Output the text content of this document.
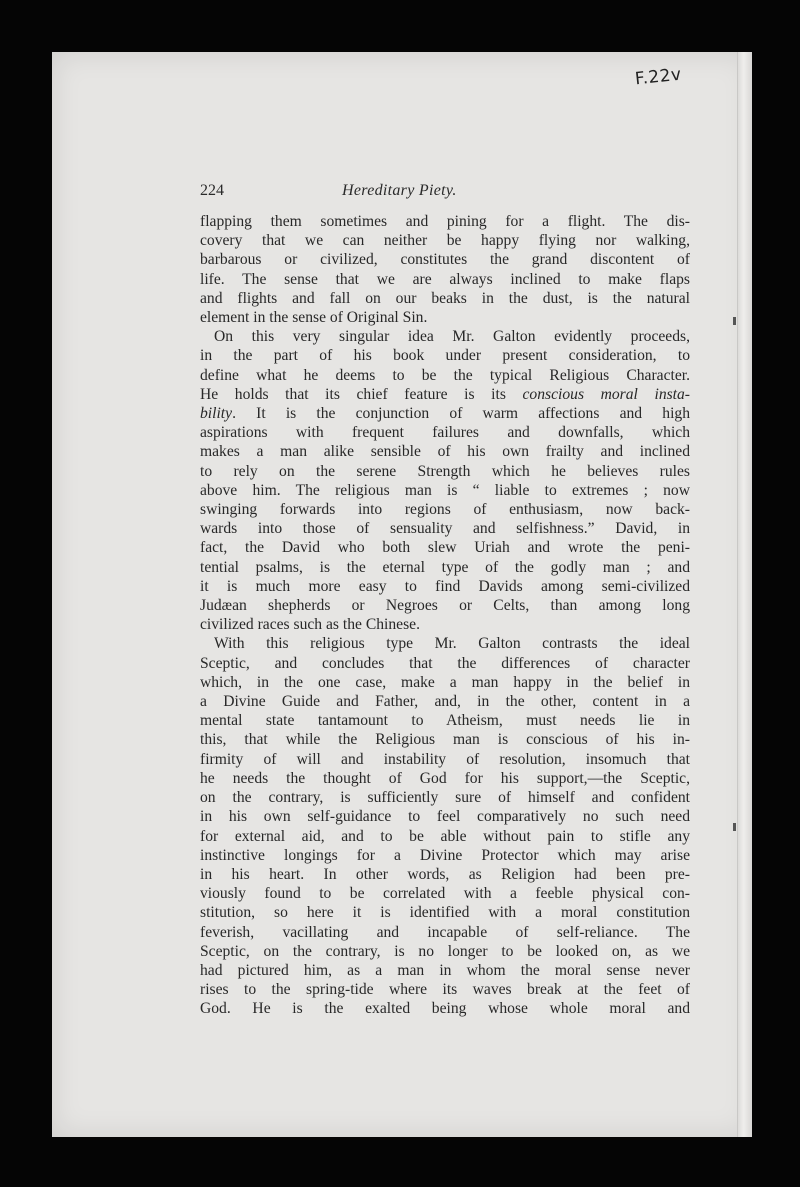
F.22v
224	Hereditary Piety.

flapping them sometimes and pining for a flight. The dis-

covery that we can neither be happy flying nor walking,

barbarous or civilized, constitutes the grand discontent of

life. The sense that we are always inclined to make flaps

and flights and fall on our beaks in the dust, is the natural

element in the sense of Original Sin.

On this very singular idea Mr. Galton evidently proceeds,

in the part of his book under present consideration, to

define what he deems to be the typical Religious Character.

He holds that its chief feature is its conscious moral insta-

bility. It is the conjunction of warm affections and high

aspirations with frequent failures and downfalls, which

makes a man alike sensible of his own frailty and inclined

to rely on the serene Strength which he believes rules

above him. The religious man is “ liable to extremes ; now

swinging forwards into regions of enthusiasm, now back-

wards into those of sensuality and selfishness.” David, in

fact, the David who both slew Uriah and wrote the peni-

tential psalms, is the eternal type of the godly man ; and

it is much more easy to find Davids among semi-civilized

Judæan shepherds or Negroes or Celts, than among long

civilized races such as the Chinese.

With this religious type Mr. Galton contrasts the ideal

Sceptic, and concludes that the differences of character

which, in the one case, make a man happy in the belief in

a Divine Guide and Father, and, in the other, content in a

mental state tantamount to Atheism, must needs lie in

this, that while the Religious man is conscious of his in-

firmity of will and instability of resolution, insomuch that

he needs the thought of God for his support,—the Sceptic,

on the contrary, is sufficiently sure of himself and confident

in his own self-guidance to feel comparatively no such need

for external aid, and to be able without pain to stifle any

instinctive longings for a Divine Protector which may arise

in his heart. In other words, as Religion had been pre-

viously found to be correlated with a feeble physical con-

stitution, so here it is identified with a moral constitution

feverish, vacillating and incapable of self-reliance. The

Sceptic, on the contrary, is no longer to be looked on, as we

had pictured him, as a man in whom the moral sense never

rises to the spring-tide where its waves break at the feet of

God. He is the exalted being whose whole moral and
